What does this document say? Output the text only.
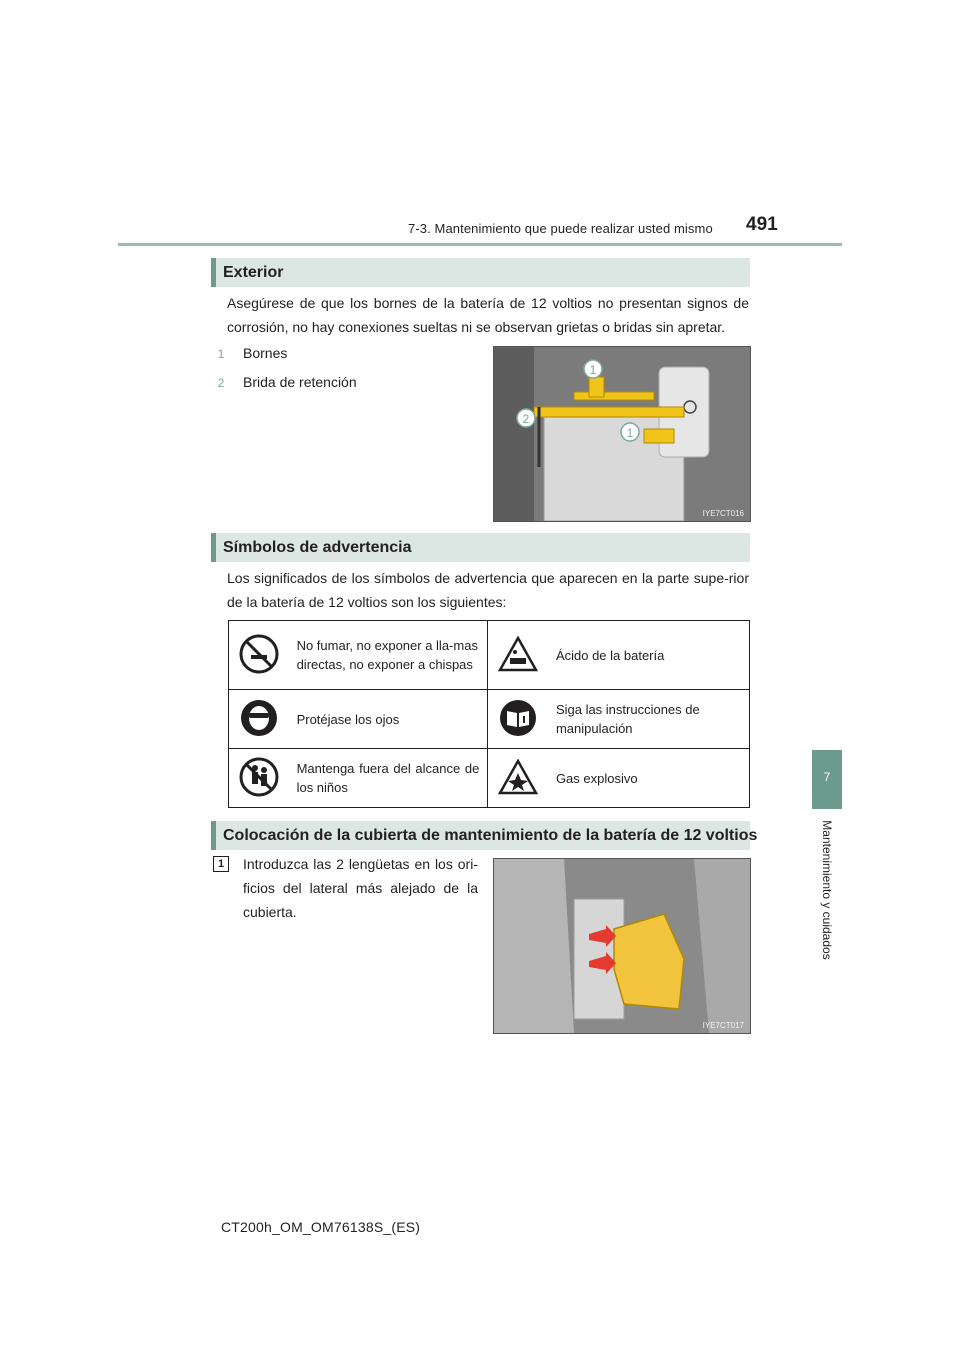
7-3. Mantenimiento que puede realizar usted mismo 491
7
Mantenimiento y cuidados
Exterior
Asegúrese de que los bornes de la batería de 12 voltios no presentan signos de corrosión, no hay conexiones sueltas ni se observan grietas o bridas sin apretar.
1 Bornes
2 Brida de retención
1
2
1
IYE7CT016
Símbolos de advertencia
Los significados de los símbolos de advertencia que aparecen en la parte supe-rior de la batería de 12 voltios son los siguientes:
	No fumar, no exponer a lla-mas directas, no exponer a chispas		Ácido de la batería
	Protéjase los ojos		Siga las instrucciones de manipulación
	Mantenga fuera del alcance de los niños		Gas explosivo
Colocación de la cubierta de mantenimiento de la batería de 12 voltios
1	Introduzca las 2 lengüetas en los ori-ficios del lateral más alejado de la cubierta.
IYE7CT017
CT200h_OM_OM76138S_(ES)
